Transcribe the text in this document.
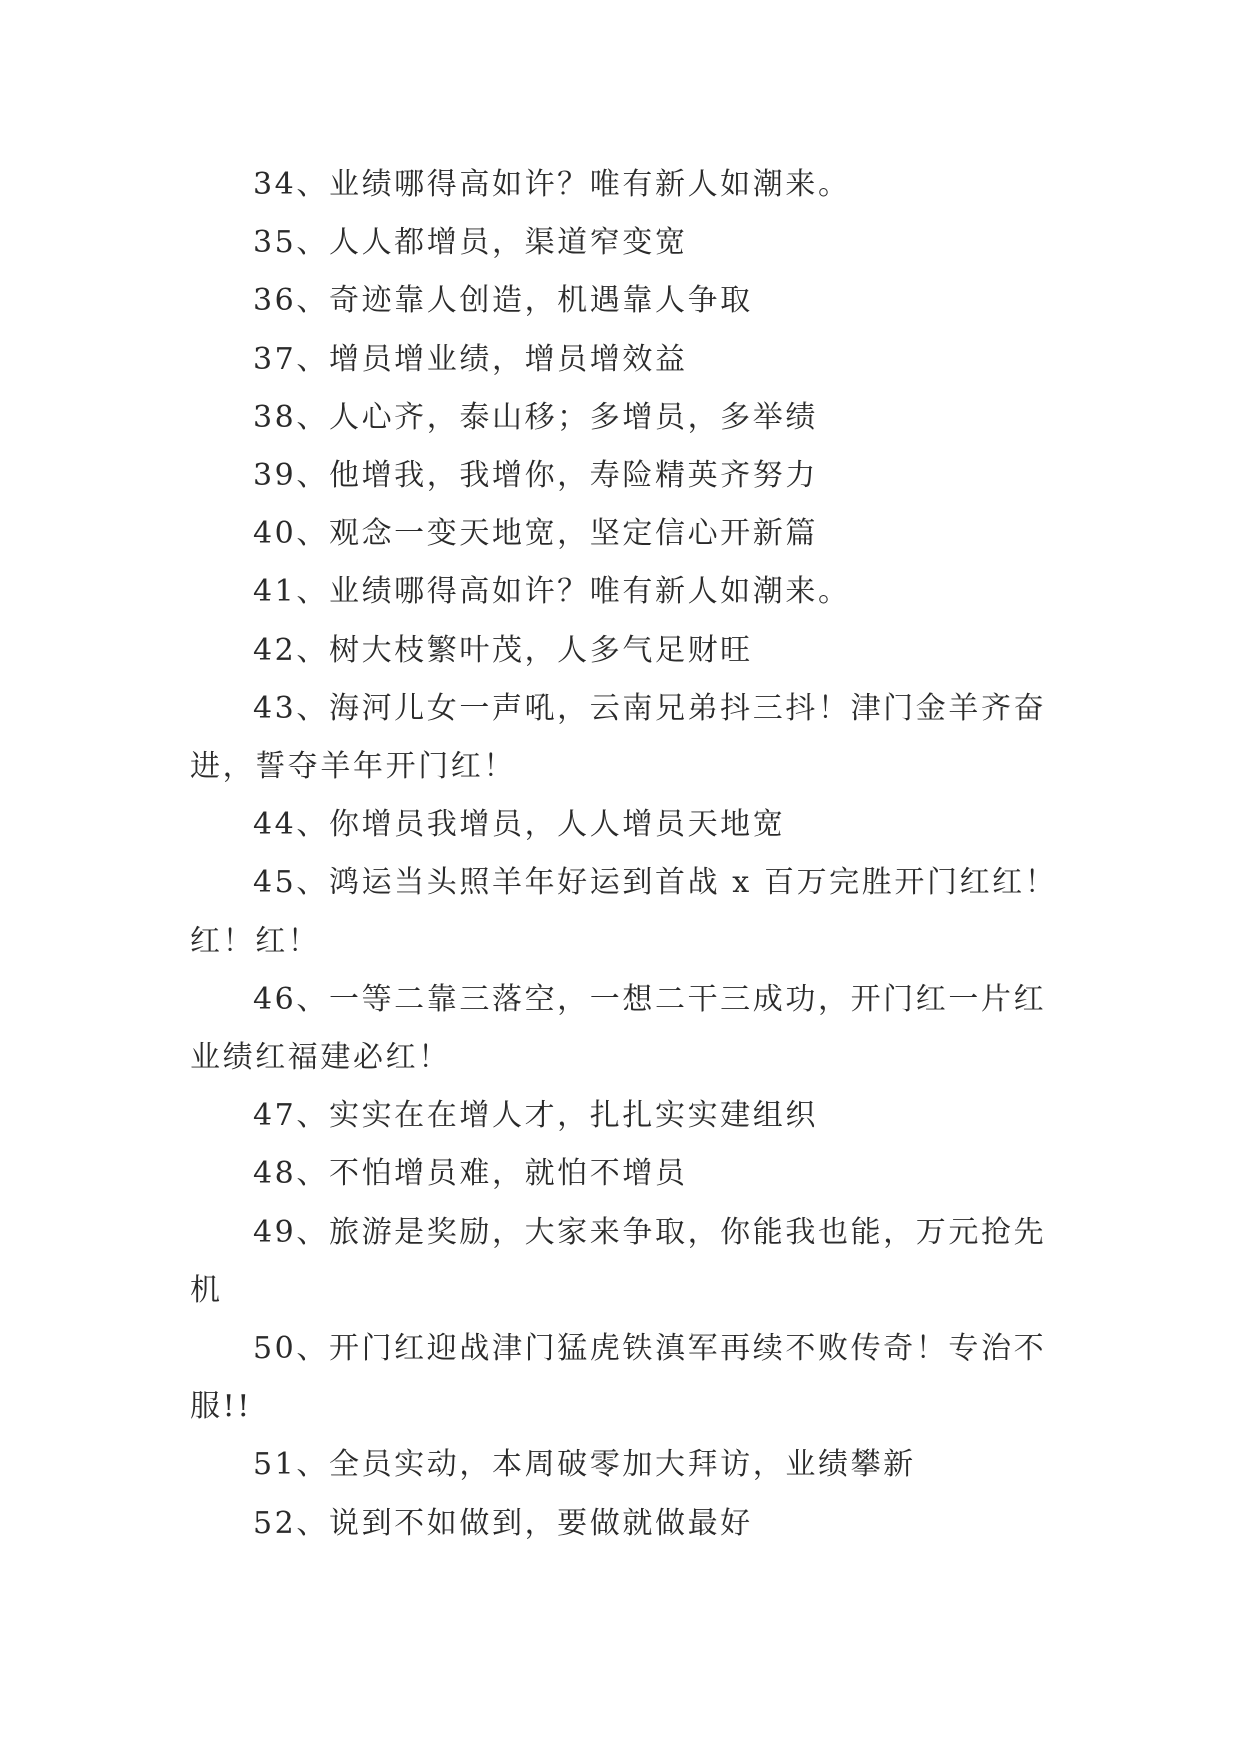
34、业绩哪得高如许？唯有新人如潮来。

35、人人都增员，渠道窄变宽

36、奇迹靠人创造，机遇靠人争取

37、增员增业绩，增员增效益

38、人心齐，泰山移；多增员，多举绩

39、他增我，我增你，寿险精英齐努力

40、观念一变天地宽，坚定信心开新篇

41、业绩哪得高如许？唯有新人如潮来。

42、树大枝繁叶茂，人多气足财旺

43、海河儿女一声吼，云南兄弟抖三抖！津门金羊齐奋进，誓夺羊年开门红！

44、你增员我增员，人人增员天地宽

45、鸿运当头照羊年好运到首战 x 百万完胜开门红红！红！红！

46、一等二靠三落空，一想二干三成功，开门红一片红业绩红福建必红！

47、实实在在增人才，扎扎实实建组织

48、不怕增员难，就怕不增员

49、旅游是奖励，大家来争取，你能我也能，万元抢先机

50、开门红迎战津门猛虎铁滇军再续不败传奇！专治不服!!

51、全员实动，本周破零加大拜访，业绩攀新

52、说到不如做到，要做就做最好
